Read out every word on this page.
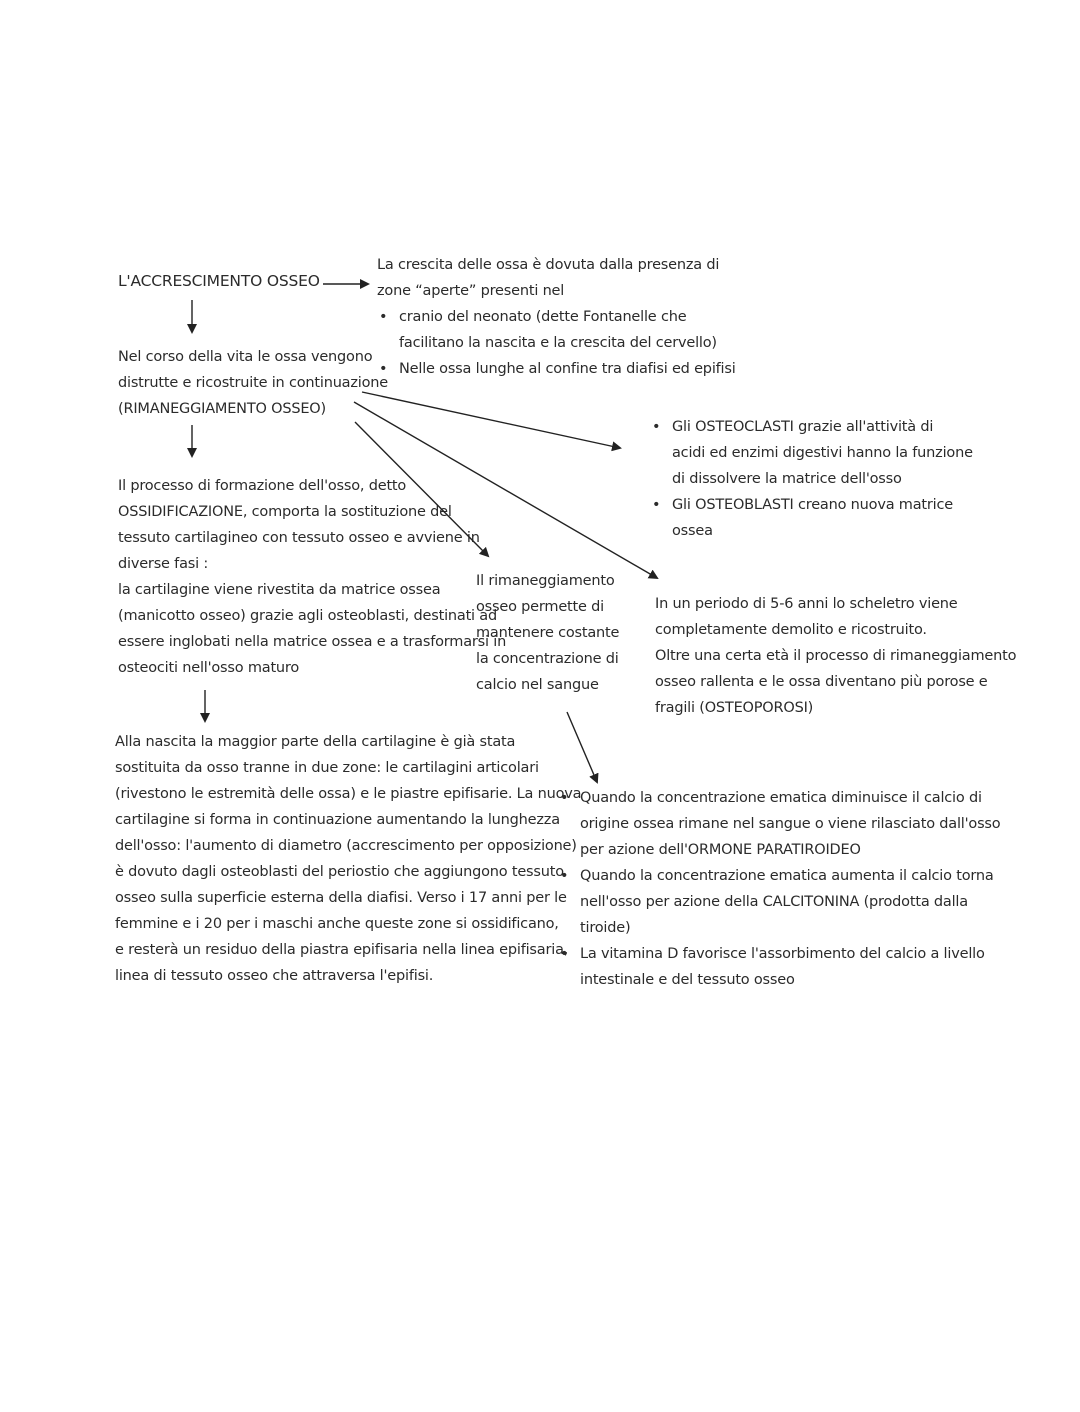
L'ACCRESCIMENTO OSSEO
La crescita delle ossa è dovuta dalla presenza di
zone “aperte” presenti nel
• cranio del neonato (dette Fontanelle che
facilitano la nascita e la crescita del cervello)
• Nelle ossa lunghe al confine tra diafisi ed epifisi
Nel corso della vita le ossa vengono
distrutte e ricostruite in continuazione
(RIMANEGGIAMENTO OSSEO)
• Gli OSTEOCLASTI grazie all'attività di
acidi ed enzimi digestivi hanno la funzione
di dissolvere la matrice dell'osso
• Gli OSTEOBLASTI creano nuova matrice
ossea
Il processo di formazione dell'osso, detto
OSSIDIFICAZIONE, comporta la sostituzione del
tessuto cartilagineo con tessuto osseo e avviene in
diverse fasi :
la cartilagine viene rivestita da matrice ossea
(manicotto osseo) grazie agli osteoblasti, destinati ad
essere inglobati nella matrice ossea e a trasformarsi in
osteociti nell'osso maturo
Il rimaneggiamento
osseo permette di
mantenere costante
la concentrazione di
calcio nel sangue
In un periodo di 5-6 anni lo scheletro viene
completamente demolito e ricostruito.
Oltre una certa età il processo di rimaneggiamento
osseo rallenta e le ossa diventano più porose e
fragili (OSTEOPOROSI)
Alla nascita la maggior parte della cartilagine è già stata
sostituita da osso tranne in due zone: le cartilagini articolari
(rivestono le estremità delle ossa) e le piastre epifisarie. La nuova
cartilagine si forma in continuazione aumentando la lunghezza
dell'osso: l'aumento di diametro (accrescimento per opposizione)
è dovuto dagli osteoblasti del periostio che aggiungono tessuto
osseo sulla superficie esterna della diafisi. Verso i 17 anni per le
femmine e i 20 per i maschi anche queste zone si ossidificano,
e resterà un residuo della piastra epifisaria nella linea epifisaria,
linea di tessuto osseo che attraversa l'epifisi.
• Quando la concentrazione ematica diminuisce il calcio di
origine ossea rimane nel sangue o viene rilasciato dall'osso
per azione dell'ORMONE PARATIROIDEO
• Quando la concentrazione ematica aumenta il calcio torna
nell'osso per azione della CALCITONINA (prodotta dalla
tiroide)
• La vitamina D favorisce l'assorbimento del calcio a livello
intestinale e del tessuto osseo
